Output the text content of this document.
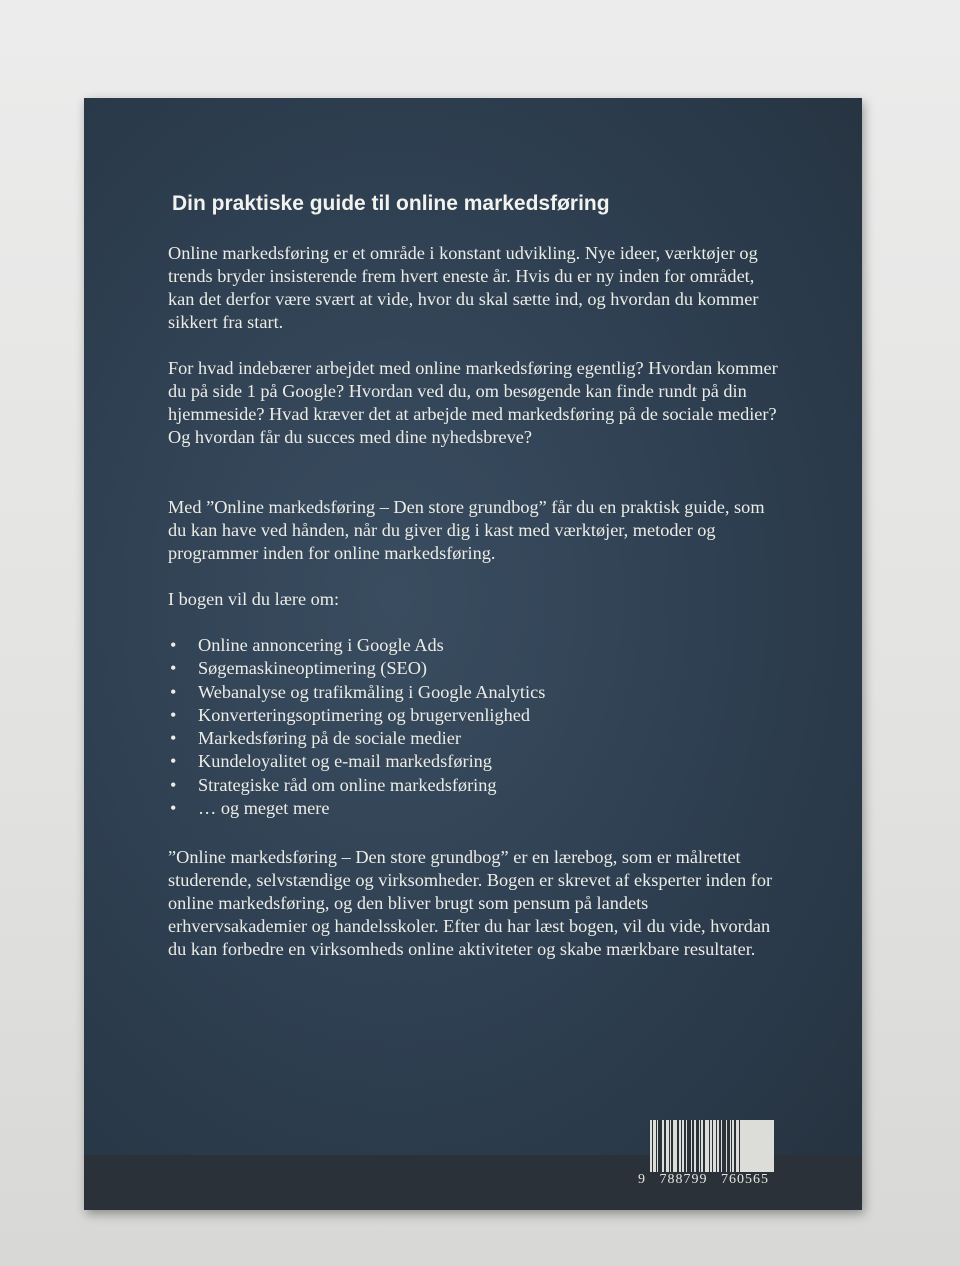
Din praktiske guide til online markedsføring
Online markedsføring er et område i konstant udvikling. Nye ideer, værktøjer og trends bryder insisterende frem hvert eneste år. Hvis du er ny inden for området, kan det derfor være svært at vide, hvor du skal sætte ind, og hvordan du kommer sikkert fra start.
For hvad indebærer arbejdet med online markedsføring egentlig? Hvordan kommer du på side 1 på Google? Hvordan ved du, om besøgende kan finde rundt på din hjemmeside? Hvad kræver det at arbejde med markedsføring på de sociale medier? Og hvordan får du succes med dine nyhedsbreve?
Med ”Online markedsføring – Den store grundbog” får du en praktisk guide, som du kan have ved hånden, når du giver dig i kast med værktøjer, metoder og programmer inden for online markedsføring.
I bogen vil du lære om:
• Online annoncering i Google Ads
• Søgemaskineoptimering (SEO)
• Webanalyse og trafikmåling i Google Analytics
• Konverteringsoptimering og brugervenlighed
• Markedsføring på de sociale medier
• Kundeloyalitet og e-mail markedsføring
• Strategiske råd om online markedsføring
• … og meget mere
”Online markedsføring – Den store grundbog” er en lærebog, som er målrettet studerende, selvstændige og virksomheder. Bogen er skrevet af eksperter inden for online markedsføring, og den bliver brugt som pensum på landets erhvervsakademier og handelsskoler. Efter du har læst bogen, vil du vide, hvordan du kan forbedre en virksomheds online aktiviteter og skabe mærkbare resultater.
9 788799 760565
